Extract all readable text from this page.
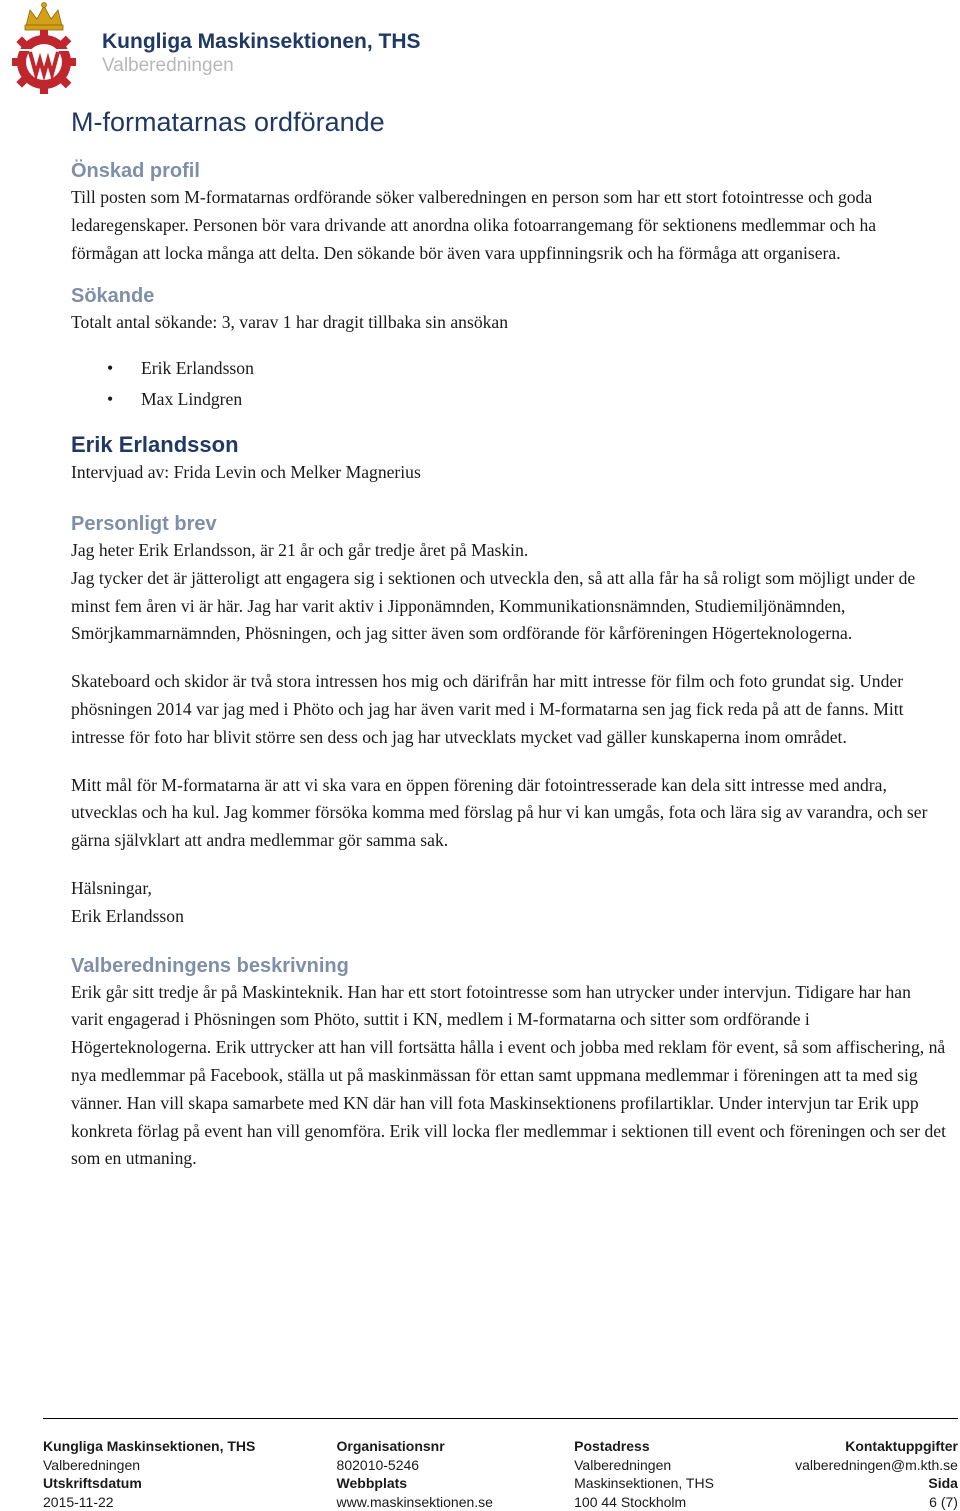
Kungliga Maskinsektionen, THS
Valberedningen
M-formatarnas ordförande
Önskad profil

Till posten som M-formatarnas ordförande söker valberedningen en person som har ett stort fotointresse och goda ledaregenskaper. Personen bör vara drivande att anordna olika fotoarrangemang för sektionens medlemmar och ha förmågan att locka många att delta. Den sökande bör även vara uppfinningsrik och ha förmåga att organisera.

Sökande

Totalt antal sökande: 3, varav 1 har dragit tillbaka sin ansökan

• Erik Erlandsson
• Max Lindgren
Erik Erlandsson

Intervjuad av: Frida Levin och Melker Magnerius

Personligt brev

Jag heter Erik Erlandsson, är 21 år och går tredje året på Maskin.

Jag tycker det är jätteroligt att engagera sig i sektionen och utveckla den, så att alla får ha så roligt som möjligt under de minst fem åren vi är här. Jag har varit aktiv i Jipponämnden, Kommunikationsnämnden, Studiemiljönämnden, Smörjkammarnämnden, Phösningen, och jag sitter även som ordförande för kårföreningen Högerteknologerna.

Skateboard och skidor är två stora intressen hos mig och därifrån har mitt intresse för film och foto grundat sig. Under phösningen 2014 var jag med i Phöto och jag har även varit med i M-formatarna sen jag fick reda på att de fanns. Mitt intresse för foto har blivit större sen dess och jag har utvecklats mycket vad gäller kunskaperna inom området.

Mitt mål för M-formatarna är att vi ska vara en öppen förening där fotointresserade kan dela sitt intresse med andra, utvecklas och ha kul. Jag kommer försöka komma med förslag på hur vi kan umgås, fota och lära sig av varandra, och ser gärna självklart att andra medlemmar gör samma sak.

Hälsningar,

Erik Erlandsson

Valberedningens beskrivning

Erik går sitt tredje år på Maskinteknik. Han har ett stort fotointresse som han utrycker under intervjun. Tidigare har han varit engagerad i Phösningen som Phöto, suttit i KN, medlem i M-formatarna och sitter som ordförande i Högerteknologerna. Erik uttrycker att han vill fortsätta hålla i event och jobba med reklam för event, så som affischering, nå nya medlemmar på Facebook, ställa ut på maskinmässan för ettan samt uppmana medlemmar i föreningen att ta med sig vänner. Han vill skapa samarbete med KN där han vill fota Maskinsektionens profilartiklar. Under intervjun tar Erik upp konkreta förlag på event han vill genomföra. Erik vill locka fler medlemmar i sektionen till event och föreningen och ser det som en utmaning.

Kungliga Maskinsektionen, THS
Valberedningen
Utskriftsdatum
2015-11-22
Organisationsnr
802010-5246
Webbplats
www.maskinsektionen.se
Postadress
Valberedningen
Maskinsektionen, THS
100 44 Stockholm
Kontaktuppgifter
valberedningen@m.kth.se
Sida
6 (7)
